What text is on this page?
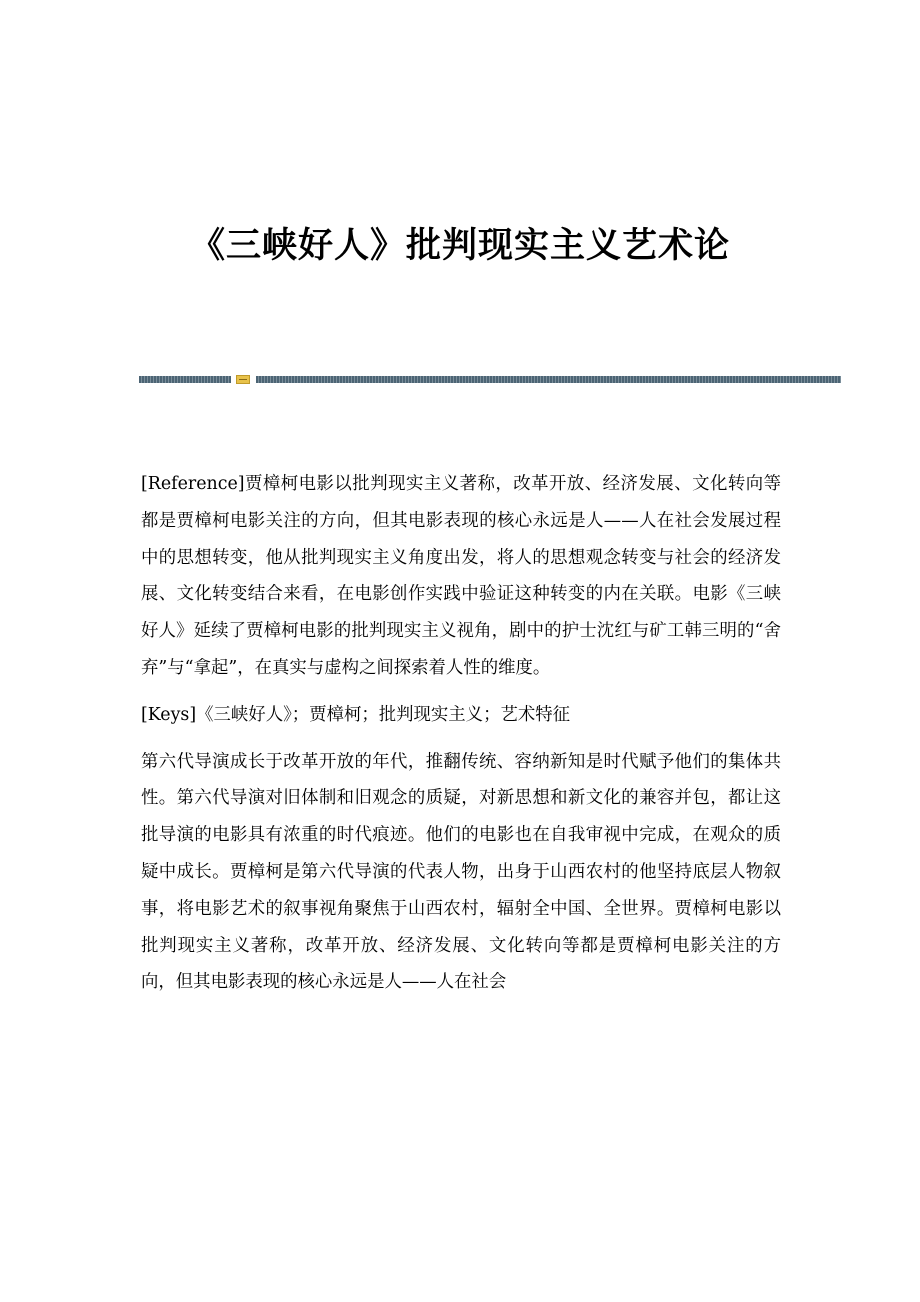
《三峡好人》批判现实主义艺术论

[Reference]贾樟柯电影以批判现实主义著称，改革开放、经济发展、文化转向等都是贾樟柯电影关注的方向，但其电影表现的核心永远是人——人在社会发展过程中的思想转变，他从批判现实主义角度出发，将人的思想观念转变与社会的经济发展、文化转变结合来看，在电影创作实践中验证这种转变的内在关联。电影《三峡好人》延续了贾樟柯电影的批判现实主义视角，剧中的护士沈红与矿工韩三明的“舍弃”与“拿起”，在真实与虚构之间探索着人性的维度。

[Keys]《三峡好人》；贾樟柯；批判现实主义；艺术特征

第六代导演成长于改革开放的年代，推翻传统、容纳新知是时代赋予他们的集体共性。第六代导演对旧体制和旧观念的质疑，对新思想和新文化的兼容并包，都让这批导演的电影具有浓重的时代痕迹。他们的电影也在自我审视中完成，在观众的质疑中成长。贾樟柯是第六代导演的代表人物，出身于山西农村的他坚持底层人物叙事，将电影艺术的叙事视角聚焦于山西农村，辐射全中国、全世界。贾樟柯电影以批判现实主义著称，改革开放、经济发展、文化转向等都是贾樟柯电影关注的方向，但其电影表现的核心永远是人——人在社会
